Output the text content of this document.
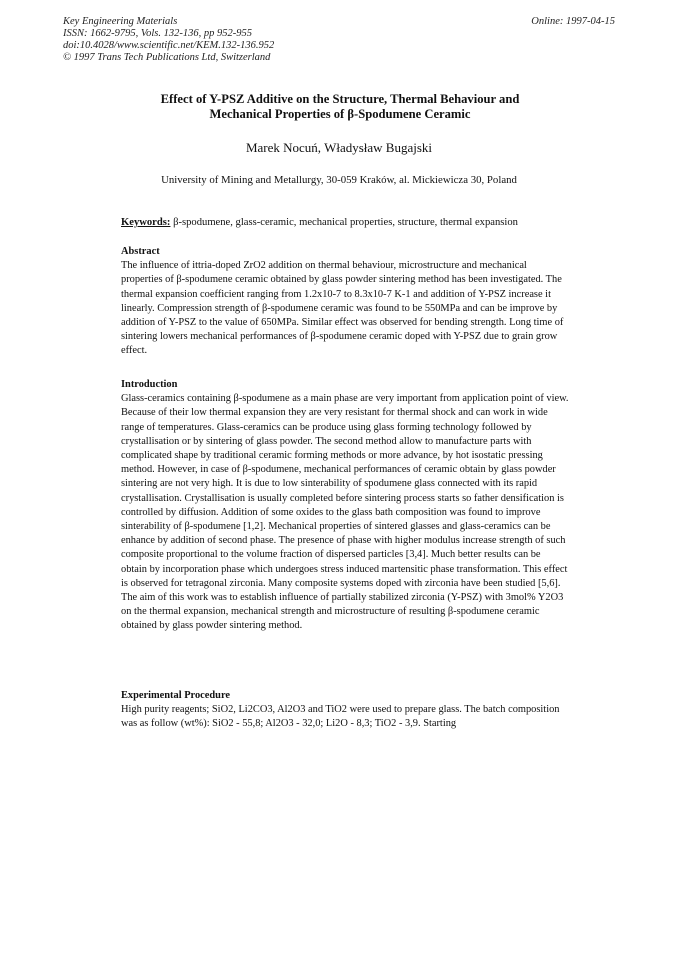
Key Engineering Materials
ISSN: 1662-9795, Vols. 132-136, pp 952-955
doi:10.4028/www.scientific.net/KEM.132-136.952
© 1997 Trans Tech Publications Ltd, Switzerland
Online: 1997-04-15
Effect of Y-PSZ Additive on the Structure, Thermal Behaviour and
Mechanical Properties of β-Spodumene Ceramic
Marek Nocuń, Władysław Bugajski
University of Mining and Metallurgy, 30-059 Kraków, al. Mickiewicza 30, Poland
Keywords: β-spodumene, glass-ceramic, mechanical properties, structure, thermal expansion
Abstract

The influence of ittria-doped ZrO2 addition on thermal behaviour, microstructure and mechanical properties of β-spodumene ceramic obtained by glass powder sintering method has been investigated. The thermal expansion coefficient ranging from 1.2x10-7 to 8.3x10-7 K-1 and addition of Y-PSZ increase it linearly. Compression strength of β-spodumene ceramic was found to be 550MPa and can be improve by addition of Y-PSZ to the value of 650MPa. Similar effect was observed for bending strength. Long time of sintering lowers mechanical performances of β-spodumene ceramic doped with Y-PSZ due to grain grow effect.

Introduction

Glass-ceramics containing β-spodumene as a main phase are very important from application point of view. Because of their low thermal expansion they are very resistant for thermal shock and can work in wide range of temperatures. Glass-ceramics can be produce using glass forming technology followed by crystallisation or by sintering of glass powder. The second method allow to manufacture parts with complicated shape by traditional ceramic forming methods or more advance, by hot isostatic pressing method. However, in case of β-spodumene, mechanical performances of ceramic obtain by glass powder sintering are not very high. It is due to low sinterability of spodumene glass connected with its rapid crystallisation. Crystallisation is usually completed before sintering process starts so father densification is controlled by diffusion. Addition of some oxides to the glass bath composition was found to improve sinterability of β-spodumene [1,2]. Mechanical properties of sintered glasses and glass-ceramics can be enhance by addition of second phase. The presence of phase with higher modulus increase strength of such composite proportional to the volume fraction of dispersed particles [3,4]. Much better results can be obtain by incorporation phase which undergoes stress induced martensitic phase transformation. This effect is observed for tetragonal zirconia. Many composite systems doped with zirconia have been studied [5,6]. The aim of this work was to establish influence of partially stabilized zirconia (Y-PSZ) with 3mol% Y2O3 on the thermal expansion, mechanical strength and microstructure of resulting β-spodumene ceramic obtained by glass powder sintering method.

Experimental Procedure

High purity reagents; SiO2, Li2CO3, Al2O3 and TiO2 were used to prepare glass. The batch composition was as follow (wt%): SiO2 - 55,8; Al2O3 - 32,0; Li2O - 8,3; TiO2 - 3,9. Starting
